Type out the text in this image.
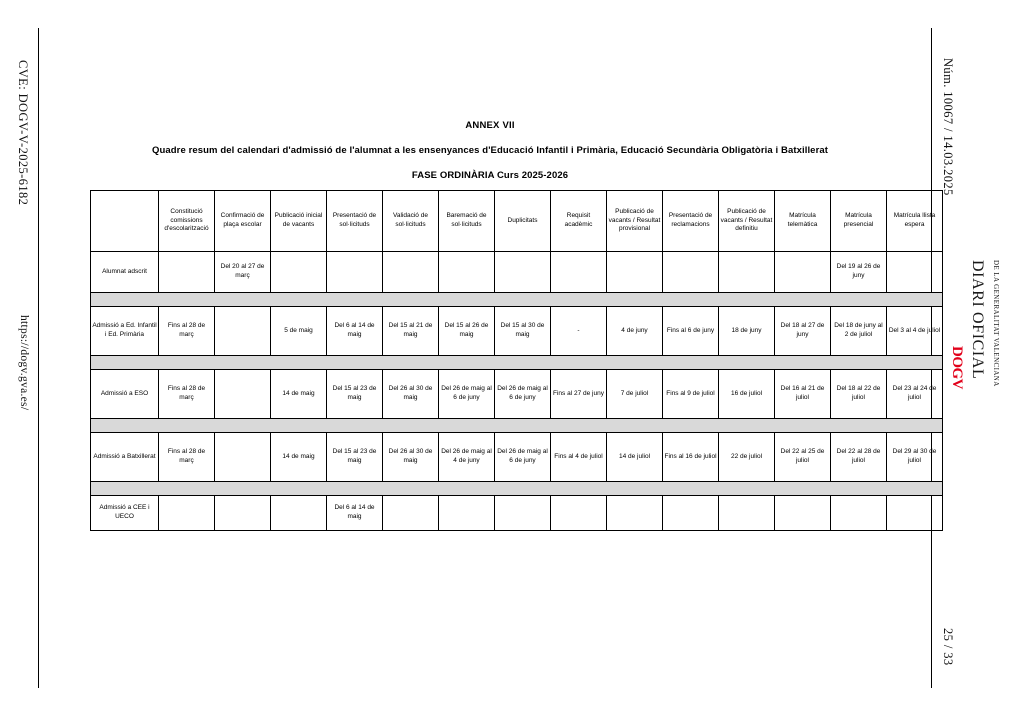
CVE: DOGV-V-2025-6182
https://dogv.gva.es/
Núm. 10067 / 14.03.2025
25 / 33
DOGV DIARI OFICIAL DE LA GENERALITAT VALENCIANA
ANNEX VII
Quadre resum del calendari d'admissió de l'alumnat a les ensenyances d'Educació Infantil i Primària, Educació Secundària Obligatòria i Batxillerat
FASE ORDINÀRIA Curs 2025-2026
	Constitució comissions d'escolarització	Confirmació de plaça escolar	Publicació inicial de vacants	Presentació de sol·licituds	Validació de sol·licituds	Baremació de sol·licituds	Duplicitats	Requisit acadèmic	Publicació de vacants / Resultat provisional	Presentació de reclamacions	Publicació de vacants / Resultat definitiu	Matrícula telemàtica	Matrícula presencial	Matrícula llista espera
Alumnat adscrit		Del 20 al 27 de març											Del 19 al 26 de juny	

Admissió a Ed. Infantil i Ed. Primària	Fins al 28 de març		5 de maig	Del 6 al 14 de maig	Del 15 al 21 de maig	Del 15 al 26 de maig	Del 15 al 30 de maig	-	4 de juny	Fins al 6 de juny	18 de juny	Del 18 al 27 de juny	Del 18 de juny al 2 de juliol	Del 3 al 4 de juliol

Admissió a ESO	Fins al 28 de març		14 de maig	Del 15 al 23 de maig	Del 26 al 30 de maig	Del 26 de maig al 6 de juny	Del 26 de maig al 6 de juny	Fins al 27 de juny	7 de juliol	Fins al 9 de juliol	16 de juliol	Del 16 al 21 de juliol	Del 18 al 22 de juliol	Del 23 al 24 de juliol

Admissió a Batxillerat	Fins al 28 de març		14 de maig	Del 15 al 23 de maig	Del 26 al 30 de maig	Del 26 de maig al 4 de juny	Del 26 de maig al 6 de juny	Fins al 4 de juliol	14 de juliol	Fins al 16 de juliol	22 de juliol	Del 22 al 25 de juliol	Del 22 al 28 de juliol	Del 29 al 30 de juliol

Admissió a CEE i UECO				Del 6 al 14 de maig										
